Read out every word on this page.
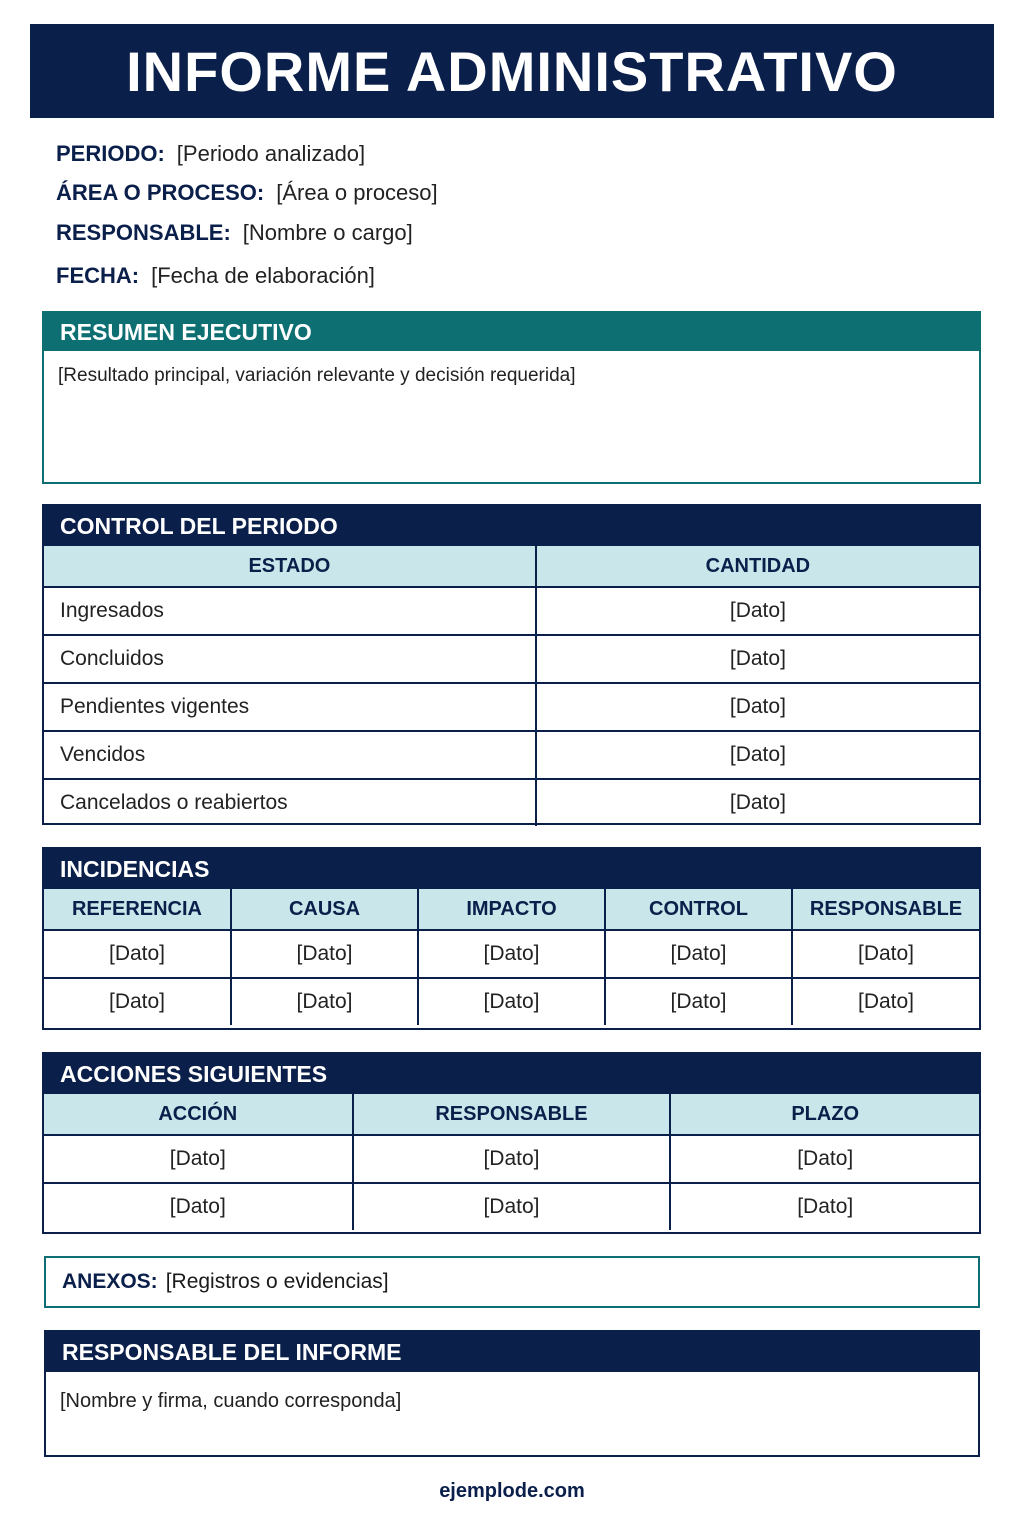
INFORME ADMINISTRATIVO
PERIODO: [Periodo analizado]
ÁREA O PROCESO: [Área o proceso]
RESPONSABLE: [Nombre o cargo]
FECHA: [Fecha de elaboración]
RESUMEN EJECUTIVO
[Resultado principal, variación relevante y decisión requerida]
CONTROL DEL PERIODO
ESTADO	CANTIDAD
Ingresados	[Dato]
Concluidos	[Dato]
Pendientes vigentes	[Dato]
Vencidos	[Dato]
Cancelados o reabiertos	[Dato]
INCIDENCIAS
REFERENCIA	CAUSA	IMPACTO	CONTROL	RESPONSABLE
[Dato]	[Dato]	[Dato]	[Dato]	[Dato]
[Dato]	[Dato]	[Dato]	[Dato]	[Dato]
ACCIONES SIGUIENTES
ACCIÓN	RESPONSABLE	PLAZO
[Dato]	[Dato]	[Dato]
[Dato]	[Dato]	[Dato]
ANEXOS: [Registros o evidencias]
RESPONSABLE DEL INFORME
[Nombre y firma, cuando corresponda]
ejemplode.com
